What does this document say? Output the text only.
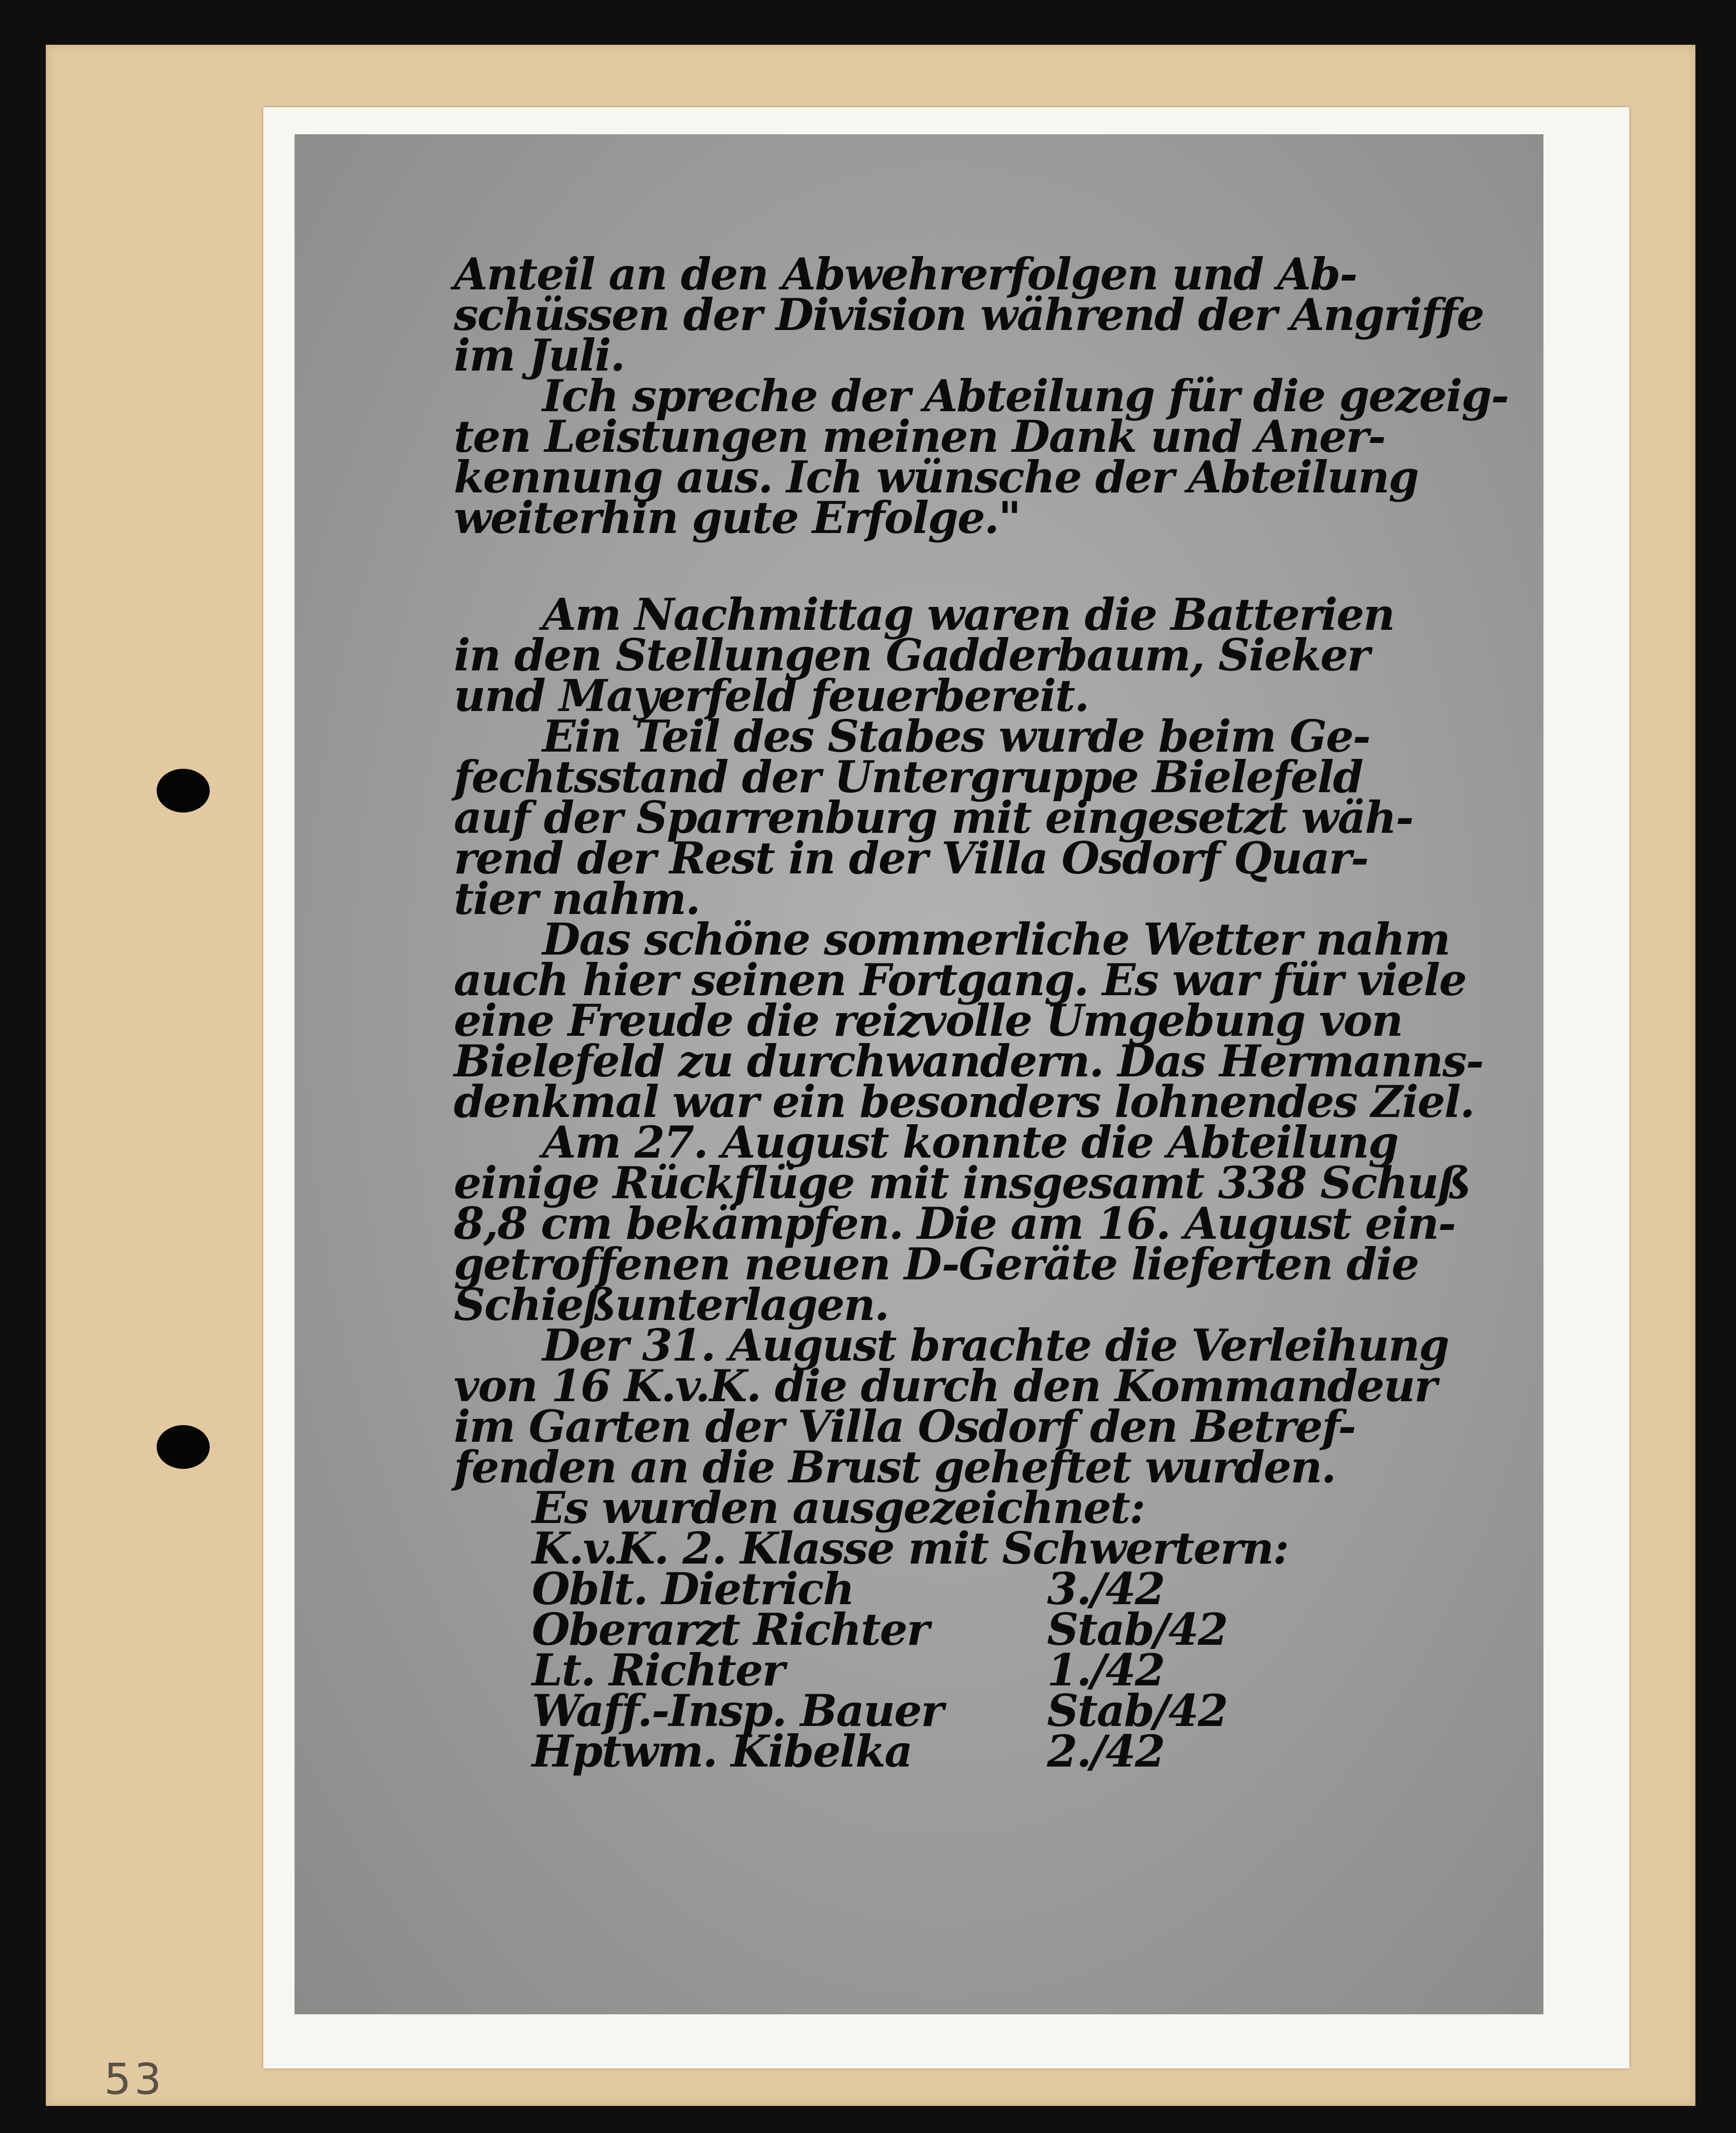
53
Anteil an den Abwehrerfolgen und Ab-
schüssen der Division während der Angriffe
im Juli.
Ich spreche der Abteilung für die gezeig-
ten Leistungen meinen Dank und Aner-
kennung aus. Ich wünsche der Abteilung
weiterhin gute Erfolge."
Am Nachmittag waren die Batterien
in den Stellungen Gadderbaum, Sieker
und Mayerfeld feuerbereit.
Ein Teil des Stabes wurde beim Ge-
fechtsstand der Untergruppe Bielefeld
auf der Sparrenburg mit eingesetzt wäh-
rend der Rest in der Villa Osdorf Quar-
tier nahm.
Das schöne sommerliche Wetter nahm
auch hier seinen Fortgang. Es war für viele
eine Freude die reizvolle Umgebung von
Bielefeld zu durchwandern. Das Hermanns-
denkmal war ein besonders lohnendes Ziel.
Am 27. August konnte die Abteilung
einige Rückflüge mit insgesamt 338 Schuß
8,8 cm bekämpfen. Die am 16. August ein-
getroffenen neuen D-Geräte lieferten die
Schießunterlagen.
Der 31. August brachte die Verleihung
von 16 K.v.K. die durch den Kommandeur
im Garten der Villa Osdorf den Betref-
fenden an die Brust geheftet wurden.
Es wurden ausgezeichnet:
K.v.K. 2. Klasse mit Schwertern:
Oblt. Dietrich	3./42
Oberarzt Richter	Stab/42
Lt. Richter	1./42
Waff.-Insp. Bauer	Stab/42
Hptwm. Kibelka	2./42
